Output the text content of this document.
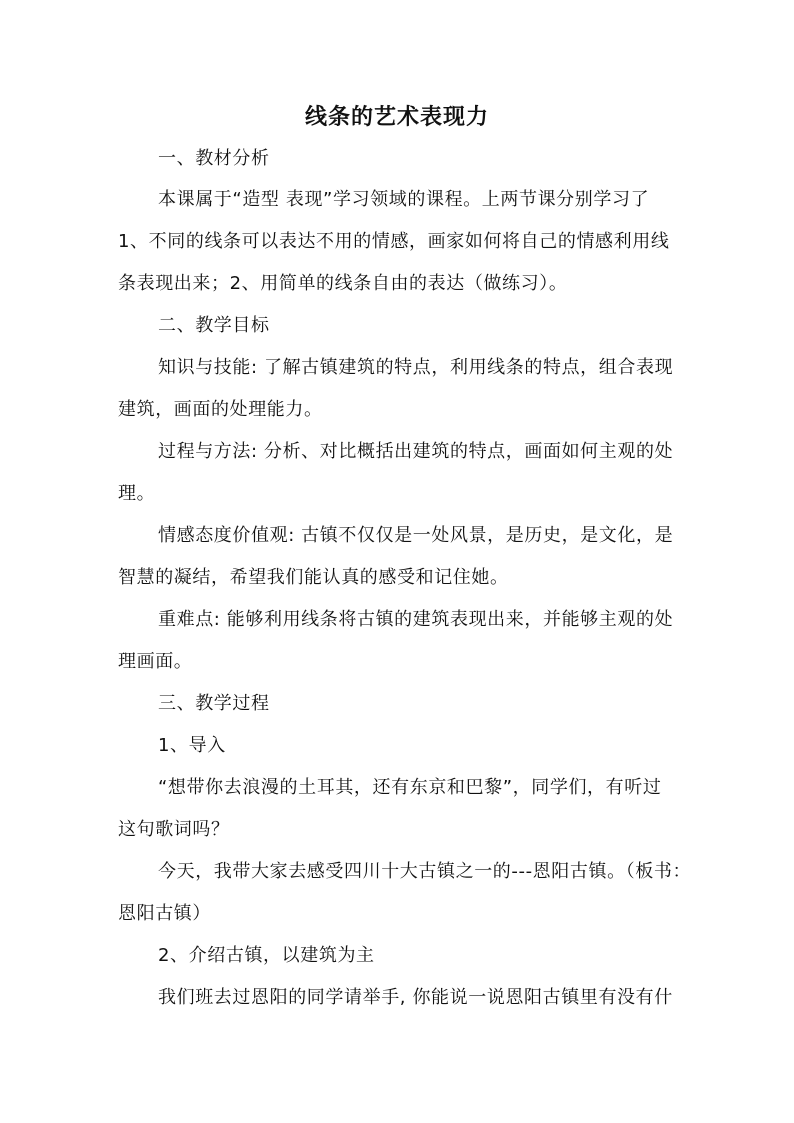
线条的艺术表现力
一、教材分析
本课属于“造型 表现”学习领域的课程。上两节课分别学习了
1、不同的线条可以表达不用的情感，画家如何将自己的情感利用线
条表现出来；2、用简单的线条自由的表达（做练习）。
二、教学目标
知识与技能: 了解古镇建筑的特点，利用线条的特点，组合表现
建筑，画面的处理能力。
过程与方法: 分析、对比概括出建筑的特点，画面如何主观的处
理。
情感态度价值观: 古镇不仅仅是一处风景，是历史，是文化，是
智慧的凝结，希望我们能认真的感受和记住她。
重难点: 能够利用线条将古镇的建筑表现出来，并能够主观的处
理画面。
三、教学过程
1、导入
“想带你去浪漫的土耳其，还有东京和巴黎”，同学们，有听过
这句歌词吗？
今天，我带大家去感受四川十大古镇之一的---恩阳古镇。（板书：
恩阳古镇）
2、介绍古镇，以建筑为主
我们班去过恩阳的同学请举手, 你能说一说恩阳古镇里有没有什
